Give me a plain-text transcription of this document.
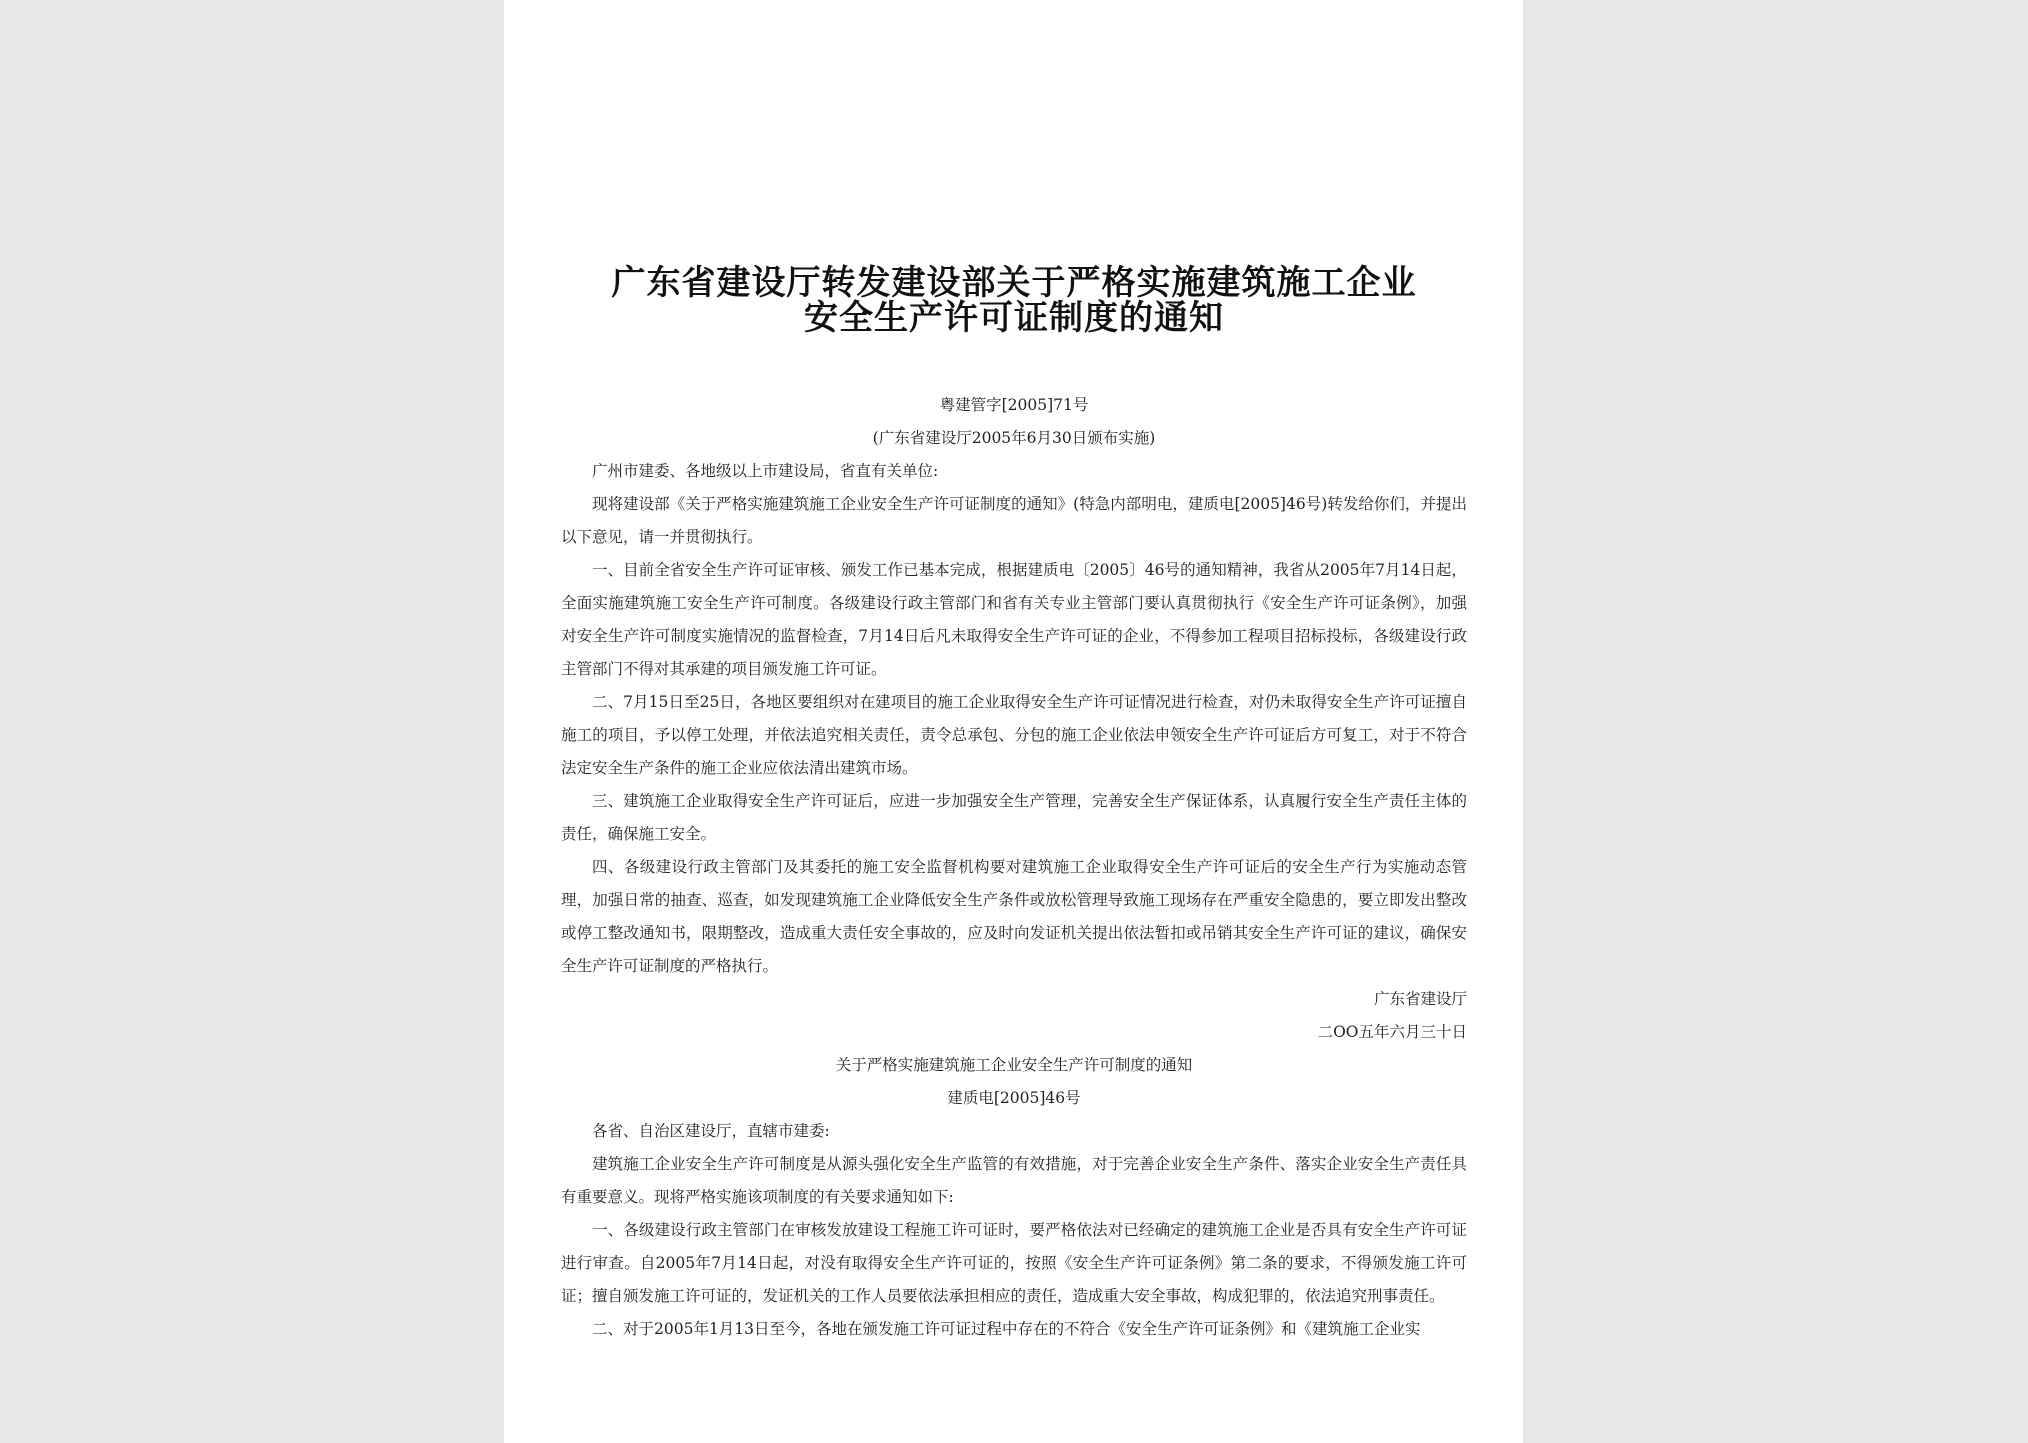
广东省建设厅转发建设部关于严格实施建筑施工企业
安全生产许可证制度的通知
粤建管字[2005]71号
(广东省建设厅2005年6月30日颁布实施)
广州市建委、各地级以上市建设局，省直有关单位:

现将建设部《关于严格实施建筑施工企业安全生产许可证制度的通知》(特急内部明电，建质电[2005]46号)转发给你们，并提出以下意见，请一并贯彻执行。

一、目前全省安全生产许可证审核、颁发工作已基本完成，根据建质电〔2005〕46号的通知精神，我省从2005年7月14日起，全面实施建筑施工安全生产许可制度。各级建设行政主管部门和省有关专业主管部门要认真贯彻执行《安全生产许可证条例》，加强对安全生产许可制度实施情况的监督检查，7月14日后凡未取得安全生产许可证的企业，不得参加工程项目招标投标，各级建设行政主管部门不得对其承建的项目颁发施工许可证。

二、7月15日至25日，各地区要组织对在建项目的施工企业取得安全生产许可证情况进行检查，对仍未取得安全生产许可证擅自施工的项目，予以停工处理，并依法追究相关责任，责令总承包、分包的施工企业依法申领安全生产许可证后方可复工，对于不符合法定安全生产条件的施工企业应依法清出建筑市场。

三、建筑施工企业取得安全生产许可证后，应进一步加强安全生产管理，完善安全生产保证体系，认真履行安全生产责任主体的责任，确保施工安全。

四、各级建设行政主管部门及其委托的施工安全监督机构要对建筑施工企业取得安全生产许可证后的安全生产行为实施动态管理，加强日常的抽查、巡查，如发现建筑施工企业降低安全生产条件或放松管理导致施工现场存在严重安全隐患的，要立即发出整改或停工整改通知书，限期整改，造成重大责任安全事故的，应及时向发证机关提出依法暂扣或吊销其安全生产许可证的建议，确保安全生产许可证制度的严格执行。

广东省建设厅
二OO五年六月三十日
关于严格实施建筑施工企业安全生产许可制度的通知
建质电[2005]46号
各省、自治区建设厅，直辖市建委:

建筑施工企业安全生产许可制度是从源头强化安全生产监管的有效措施，对于完善企业安全生产条件、落实企业安全生产责任具有重要意义。现将严格实施该项制度的有关要求通知如下:

一、各级建设行政主管部门在审核发放建设工程施工许可证时，要严格依法对已经确定的建筑施工企业是否具有安全生产许可证进行审查。自2005年7月14日起，对没有取得安全生产许可证的，按照《安全生产许可证条例》第二条的要求，不得颁发施工许可证；擅自颁发施工许可证的，发证机关的工作人员要依法承担相应的责任，造成重大安全事故，构成犯罪的，依法追究刑事责任。

二、对于2005年1月13日至今，各地在颁发施工许可证过程中存在的不符合《安全生产许可证条例》和《建筑施工企业实
